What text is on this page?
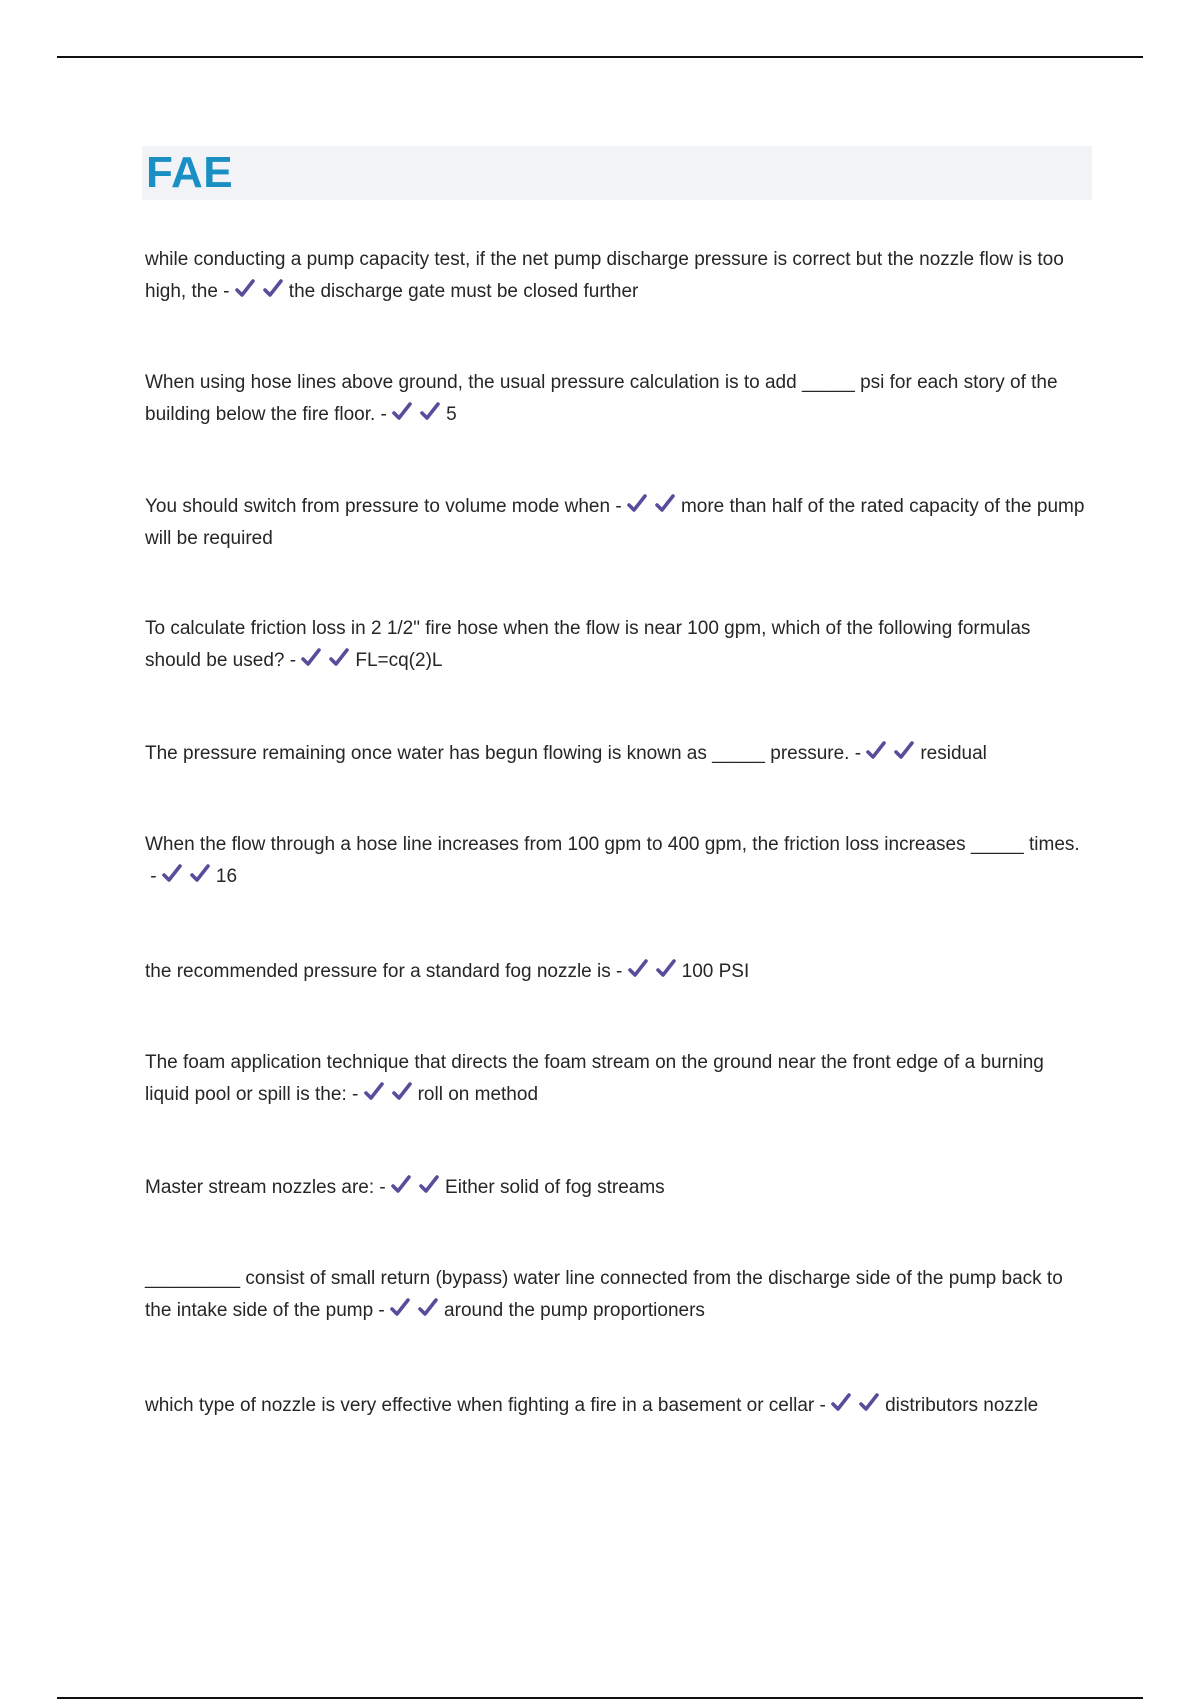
FAE

while conducting a pump capacity test, if the net pump discharge pressure is correct but the nozzle flow is too high, the -	the discharge gate must be closed further

When using hose lines above ground, the usual pressure calculation is to add _____ psi for each story of the building below the fire floor. -	5

You should switch from pressure to volume mode when -	more than half of the rated capacity of the pump will be required

To calculate friction loss in 2 1/2" fire hose when the flow is near 100 gpm, which of the following formulas should be used? -	FL=cq(2)L

The pressure remaining once water has begun flowing is known as _____ pressure. -	residual

When the flow through a hose line increases from 100 gpm to 400 gpm, the friction loss increases _____ times. -	16

the recommended pressure for a standard fog nozzle is -	100 PSI

The foam application technique that directs the foam stream on the ground near the front edge of a burning liquid pool or spill is the: -	roll on method

Master stream nozzles are: -	Either solid of fog streams

_________ consist of small return (bypass) water line connected from the discharge side of the pump back to the intake side of the pump -	around the pump proportioners

which type of nozzle is very effective when fighting a fire in a basement or cellar -	distributors nozzle
